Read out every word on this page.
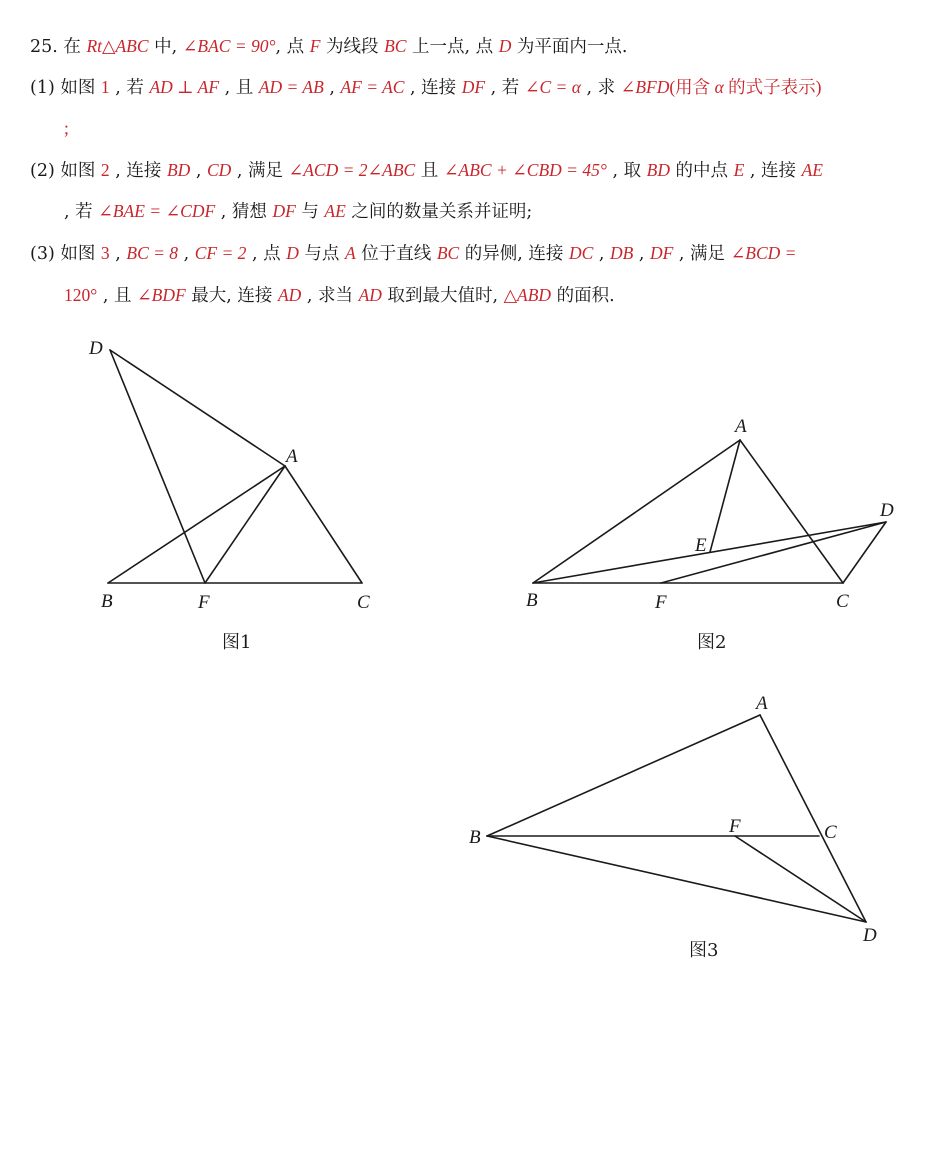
25. 在 Rt△ABC 中, ∠BAC = 90°, 点 F 为线段 BC 上一点, 点 D 为平面内一点.
(1) 如图 1 , 若 AD ⊥ AF , 且 AD = AB , AF = AC , 连接 DF , 若 ∠C = α , 求 ∠BFD(用含 α 的式子表示)
;
(2) 如图 2 , 连接 BD , CD , 满足 ∠ACD = 2∠ABC 且 ∠ABC + ∠CBD = 45° , 取 BD 的中点 E , 连接 AE
, 若 ∠BAE = ∠CDF , 猜想 DF 与 AE 之间的数量关系并证明;
(3) 如图 3 , BC = 8 , CF = 2 , 点 D 与点 A 位于直线 BC 的异侧, 连接 DC , DB , DF , 满足 ∠BCD =
120° , 且 ∠BDF 最大, 连接 AD , 求当 AD 取到最大值时, △ABD 的面积.
D
A
B	F	C
图1
A
D
E
B	F	C
图2
A
B
F	C
D
图3
